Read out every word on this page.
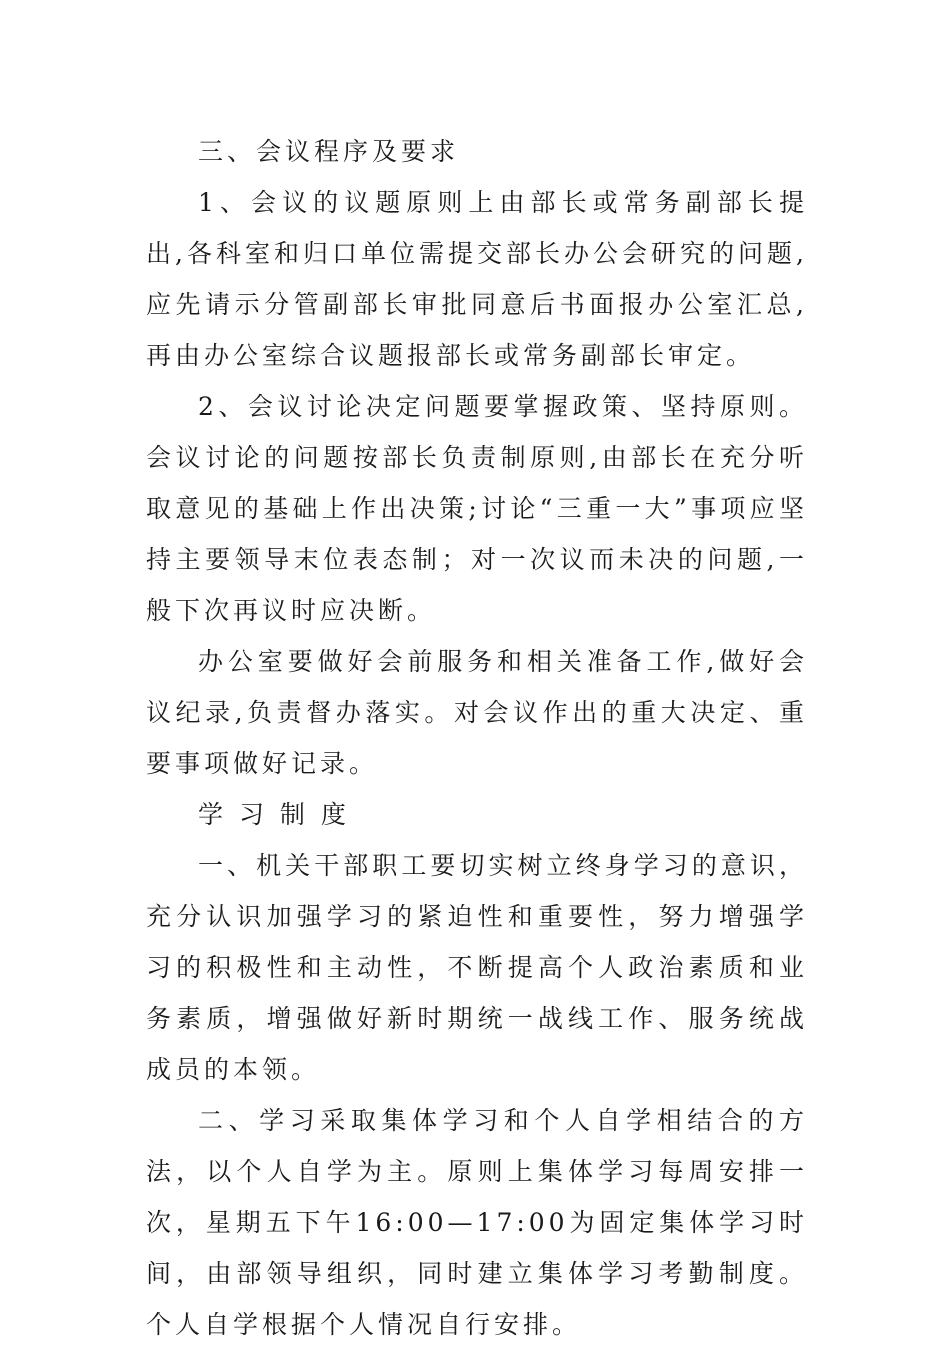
三、会议程序及要求

1、会议的议题原则上由部长或常务副部长提出,各科室和归口单位需提交部长办公会研究的问题,应先请示分管副部长审批同意后书面报办公室汇总,再由办公室综合议题报部长或常务副部长审定。

2、会议讨论决定问题要掌握政策、坚持原则。会议讨论的问题按部长负责制原则,由部长在充分听取意见的基础上作出决策;讨论“三重一大”事项应坚持主要领导末位表态制；对一次议而未决的问题,一般下次再议时应决断。

办公室要做好会前服务和相关准备工作,做好会议纪录,负责督办落实。对会议作出的重大决定、重要事项做好记录。

学 习 制 度

一、机关干部职工要切实树立终身学习的意识，充分认识加强学习的紧迫性和重要性，努力增强学习的积极性和主动性，不断提高个人政治素质和业务素质，增强做好新时期统一战线工作、服务统战成员的本领。

二、学习采取集体学习和个人自学相结合的方法，以个人自学为主。原则上集体学习每周安排一次，星期五下午16:00—17:00为固定集体学习时间，由部领导组织，同时建立集体学习考勤制度。个人自学根据个人情况自行安排。
